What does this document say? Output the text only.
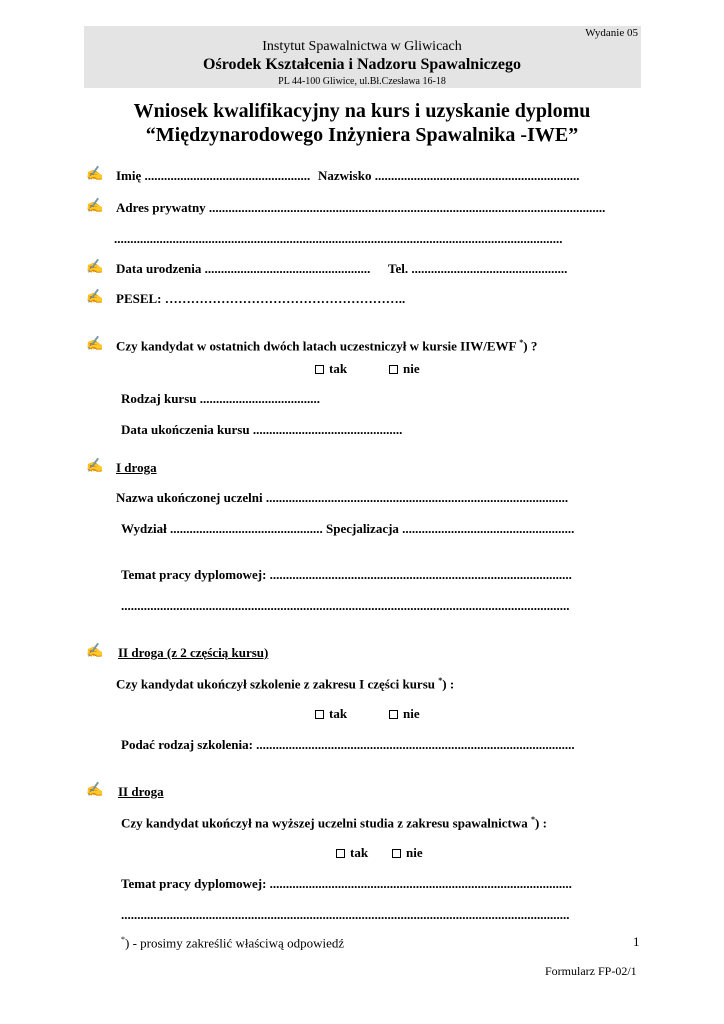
Wydanie 05
Instytut Spawalnictwa w Gliwicach
Ośrodek Kształcenia i Nadzoru Spawalniczego
PL 44-100 Gliwice, ul.Bł.Czesława 16-18
Wniosek kwalifikacyjny na kurs i uzyskanie dyplomu
“Międzynarodowego Inżyniera Spawalnika -IWE”
✍ Imię ................................................... Nazwisko ...............................................................
✍ Adres prywatny ..........................................................................................................................
..........................................................................................................................................
✍ Data urodzenia ................................................... Tel. ................................................
✍ PESEL: ………………………………………………..
✍ Czy kandydat w ostatnich dwóch latach uczestniczył w kursie IIW/EWF *) ?
tak	nie
Rodzaj kursu .....................................
Data ukończenia kursu ..............................................
✍ I droga
Nazwa ukończonej uczelni .............................................................................................
Wydział ............................................... Specjalizacja .....................................................
Temat pracy dyplomowej: .............................................................................................
..........................................................................................................................................
✍ II droga (z 2 częścią kursu)
Czy kandydat ukończył szkolenie z zakresu I części kursu *) :
tak	nie
Podać rodzaj szkolenia: ..................................................................................................
✍ II droga
Czy kandydat ukończył na wyższej uczelni studia z zakresu spawalnictwa *) :
tak	nie
Temat pracy dyplomowej: .............................................................................................
..........................................................................................................................................
*) - prosimy zakreślić właściwą odpowiedź	1
Formularz FP-02/1
